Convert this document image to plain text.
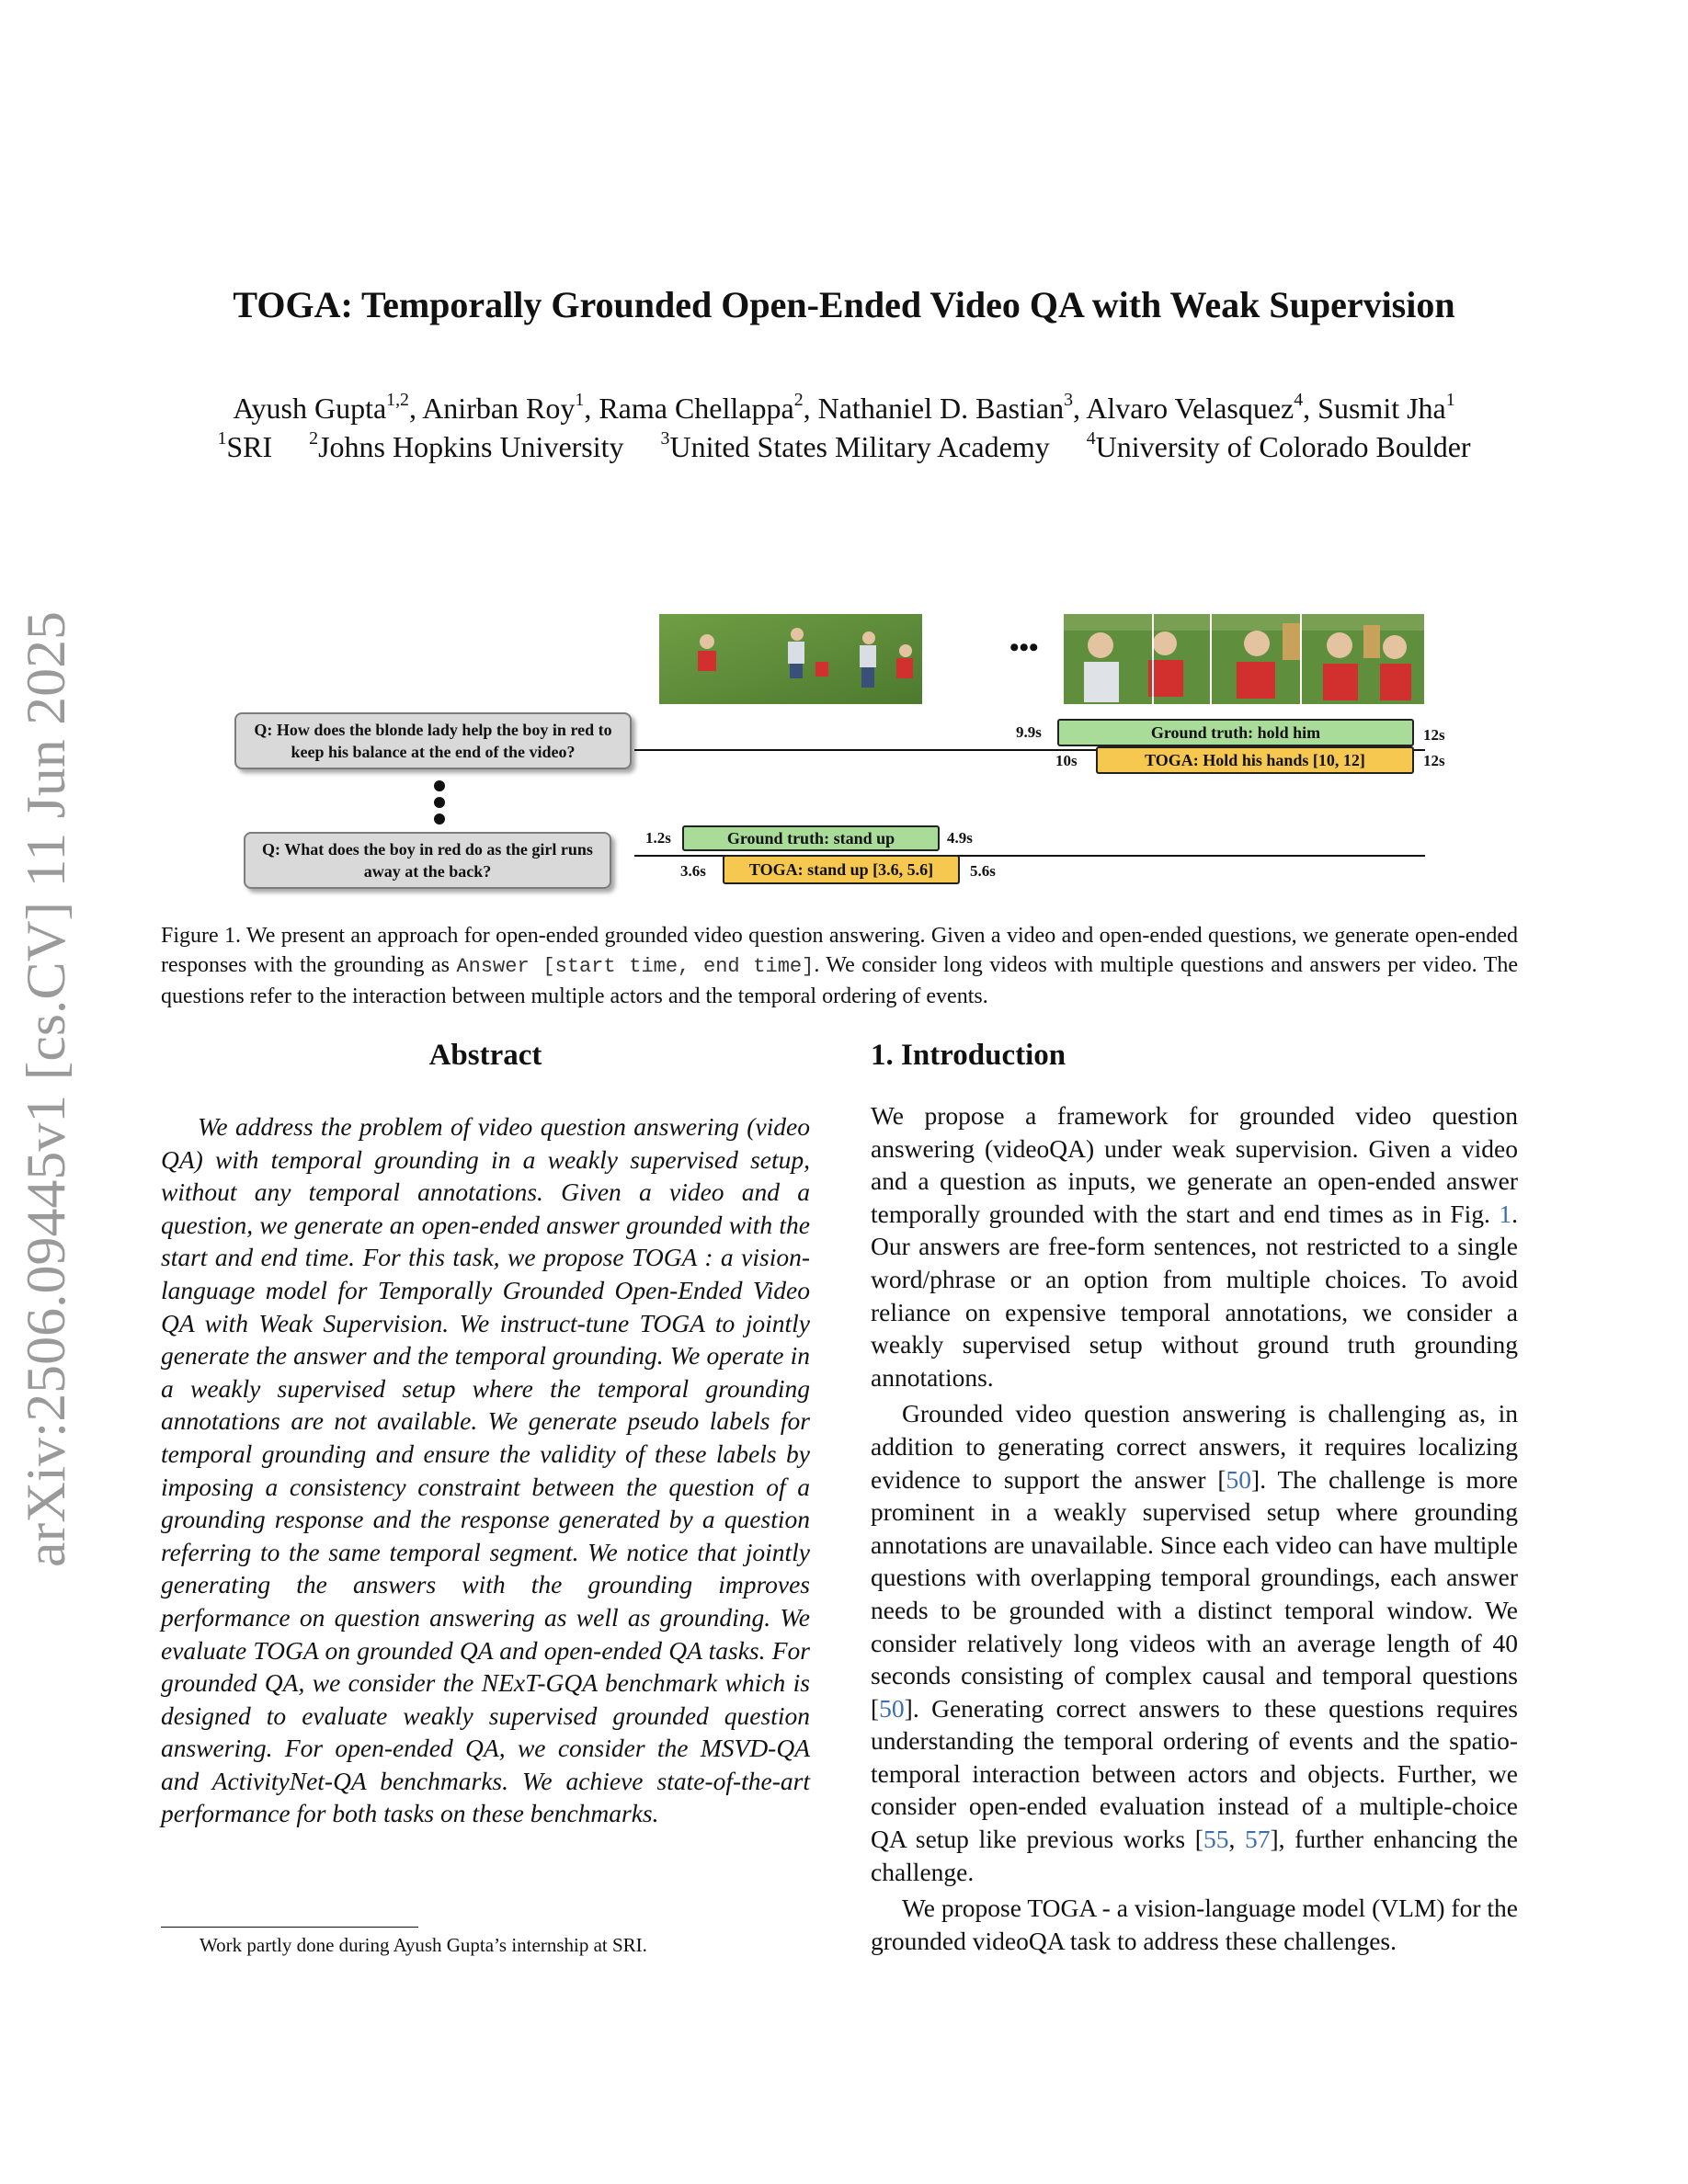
arXiv:2506.09445v1 [cs.CV] 11 Jun 2025
TOGA: Temporally Grounded Open-Ended Video QA with Weak Supervision
Ayush Gupta$^{1,2}$, Anirban Roy$^1$, Rama Chellappa$^2$, Nathaniel D. Bastian$^3$, Alvaro Velasquez$^4$, Susmit Jha$^1$
$^1$SRI $^2$Johns Hopkins University $^3$United States Military Academy $^4$University of Colorado Boulder
•••
Q: How does the blonde lady help the boy in red to keep his balance at the end of the video?
9.9s	Ground truth: hold him	12s
10s	TOGA: Hold his hands [10, 12]	12s
Q: What does the boy in red do as the girl runs away at the back?
1.2s	Ground truth: stand up	4.9s
3.6s	TOGA: stand up [3.6, 5.6]	5.6s
Figure 1. We present an approach for open-ended grounded video question answering. Given a video and open-ended questions, we generate open-ended responses with the grounding as Answer [start time, end time]. We consider long videos with multiple questions and answers per video. The questions refer to the interaction between multiple actors and the temporal ordering of events.
Abstract
We address the problem of video question answering (video QA) with temporal grounding in a weakly supervised setup, without any temporal annotations. Given a video and a question, we generate an open-ended answer grounded with the start and end time. For this task, we propose TOGA : a vision-language model for Temporally Grounded Open-Ended Video QA with Weak Supervision. We instruct-tune TOGA to jointly generate the answer and the temporal grounding. We operate in a weakly supervised setup where the temporal grounding annotations are not available. We generate pseudo labels for temporal grounding and ensure the validity of these labels by imposing a consistency constraint between the question of a grounding response and the response generated by a question referring to the same temporal segment. We notice that jointly generating the answers with the grounding improves performance on question answering as well as grounding. We evaluate TOGA on grounded QA and open-ended QA tasks. For grounded QA, we consider the NExT-GQA benchmark which is designed to evaluate weakly supervised grounded question answering. For open-ended QA, we consider the MSVD-QA and ActivityNet-QA benchmarks. We achieve state-of-the-art performance for both tasks on these benchmarks.
1. Introduction

We propose a framework for grounded video question answering (videoQA) under weak supervision. Given a video and a question as inputs, we generate an open-ended answer temporally grounded with the start and end times as in Fig. 1. Our answers are free-form sentences, not restricted to a single word/phrase or an option from multiple choices. To avoid reliance on expensive temporal annotations, we consider a weakly supervised setup without ground truth grounding annotations.

Grounded video question answering is challenging as, in addition to generating correct answers, it requires localizing evidence to support the answer [50]. The challenge is more prominent in a weakly supervised setup where grounding annotations are unavailable. Since each video can have multiple questions with overlapping temporal groundings, each answer needs to be grounded with a distinct temporal window. We consider relatively long videos with an average length of 40 seconds consisting of complex causal and temporal questions [50]. Generating correct answers to these questions requires understanding the temporal ordering of events and the spatio-temporal interaction between actors and objects. Further, we consider open-ended evaluation instead of a multiple-choice QA setup like previous works [55, 57], further enhancing the challenge.

We propose TOGA - a vision-language model (VLM) for the grounded videoQA task to address these challenges.

Work partly done during Ayush Gupta’s internship at SRI.
